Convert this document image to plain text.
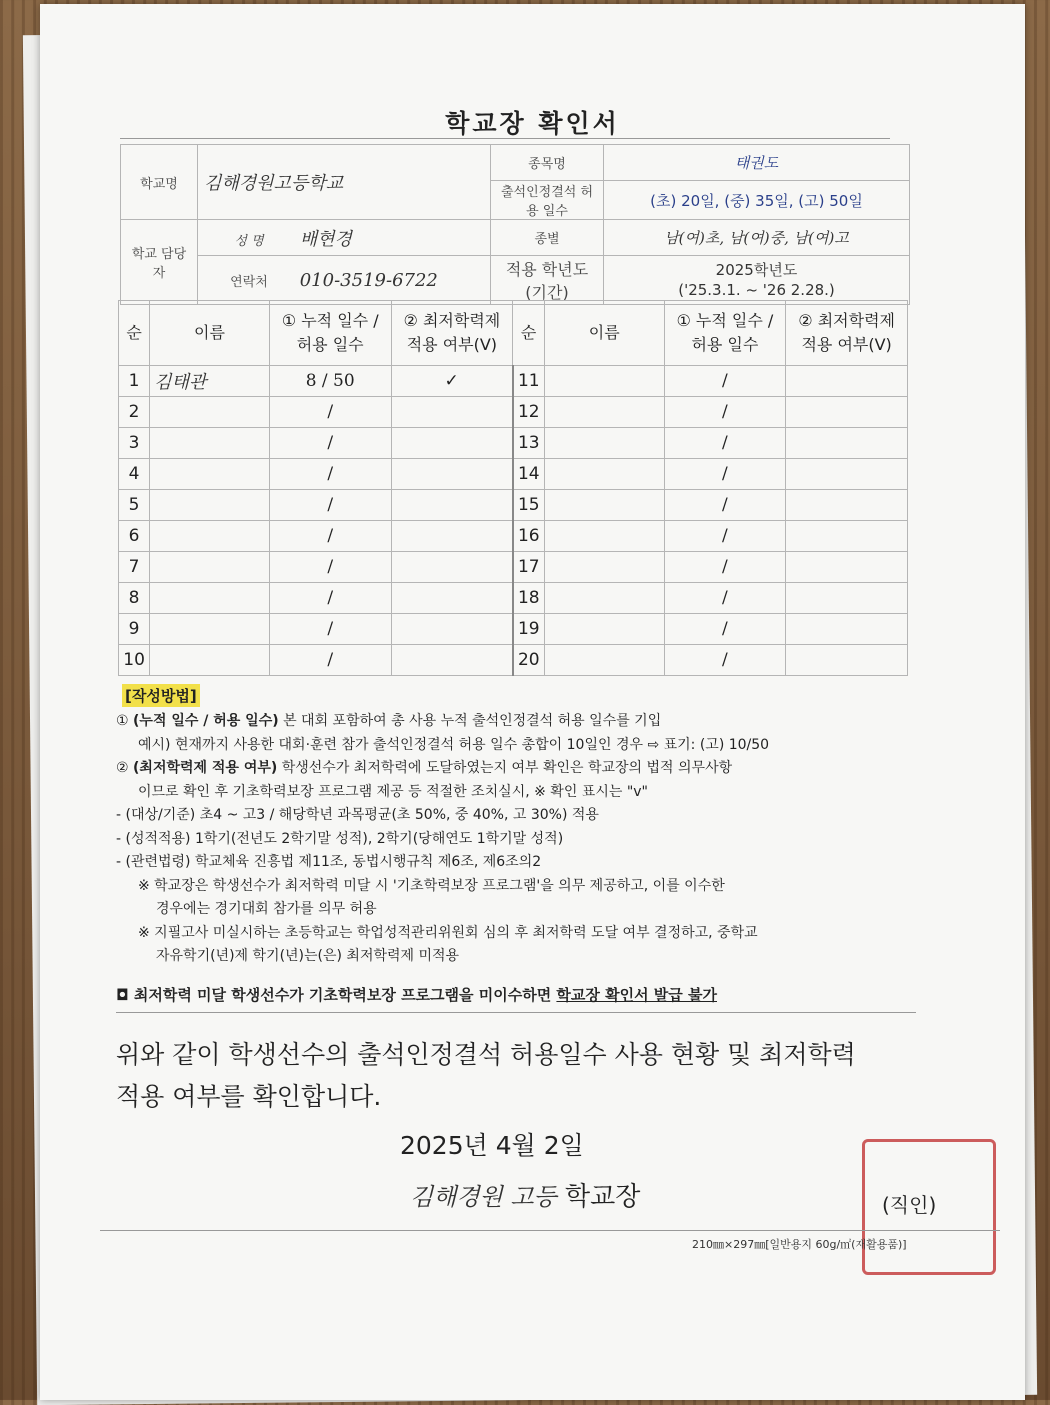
학교장 확인서
학교명	김해경원고등학교	종목명	태권도
		출석인정결석 허용 일수	(초) 20일, (중) 35일, (고) 50일
학교 담당자	성 명 배현경	종별	남(여)초, 남(여)중, 남(여)고
	연락처 010-3519-6722	적용 학년도 (기간)	2025학년도
('25.3.1. ~ '26 2.28.)
순	이름	① 누적 일수 / 허용 일수	② 최저학력제 적용 여부(V)	순	이름	① 누적 일수 / 허용 일수	② 최저학력제 적용 여부(V)
1	김태관	8 / 50	✓	11		/	
2		/		12		/	
3		/		13		/	
4		/		14		/	
5		/		15		/	
6		/		16		/	
7		/		17		/	
8		/		18		/	
9		/		19		/	
10		/		20		/	
[작성방법]

① (누적 일수 / 허용 일수) 본 대회 포함하여 총 사용 누적 출석인정결석 허용 일수를 기입

예시) 현재까지 사용한 대회·훈련 참가 출석인정결석 허용 일수 총합이 10일인 경우 ⇨ 표기: (고) 10/50

② (최저학력제 적용 여부) 학생선수가 최저학력에 도달하였는지 여부 확인은 학교장의 법적 의무사항

이므로 확인 후 기초학력보장 프로그램 제공 등 적절한 조치실시, ※ 확인 표시는 "v"

- (대상/기준) 초4 ~ 고3 / 해당학년 과목평균(초 50%, 중 40%, 고 30%) 적용

- (성적적용) 1학기(전년도 2학기말 성적), 2학기(당해연도 1학기말 성적)

- (관련법령) 학교체육 진흥법 제11조, 동법시행규칙 제6조, 제6조의2

※ 학교장은 학생선수가 최저학력 미달 시 '기초학력보장 프로그램'을 의무 제공하고, 이를 이수한

경우에는 경기대회 참가를 의무 허용

※ 지필고사 미실시하는 초등학교는 학업성적관리위원회 심의 후 최저학력 도달 여부 결정하고, 중학교

자유학기(년)제 학기(년)는(은) 최저학력제 미적용

◘ 최저학력 미달 학생선수가 기초학력보장 프로그램을 미이수하면 학교장 확인서 발급 불가
위와 같이 학생선수의 출석인정결석 허용일수 사용 현황 및 최저학력
적용 여부를 확인합니다.
2025년 4월 2일
김해경원 고등 학교장	(직인)
210㎜×297㎜[일반용지 60g/㎡(재활용품)]
